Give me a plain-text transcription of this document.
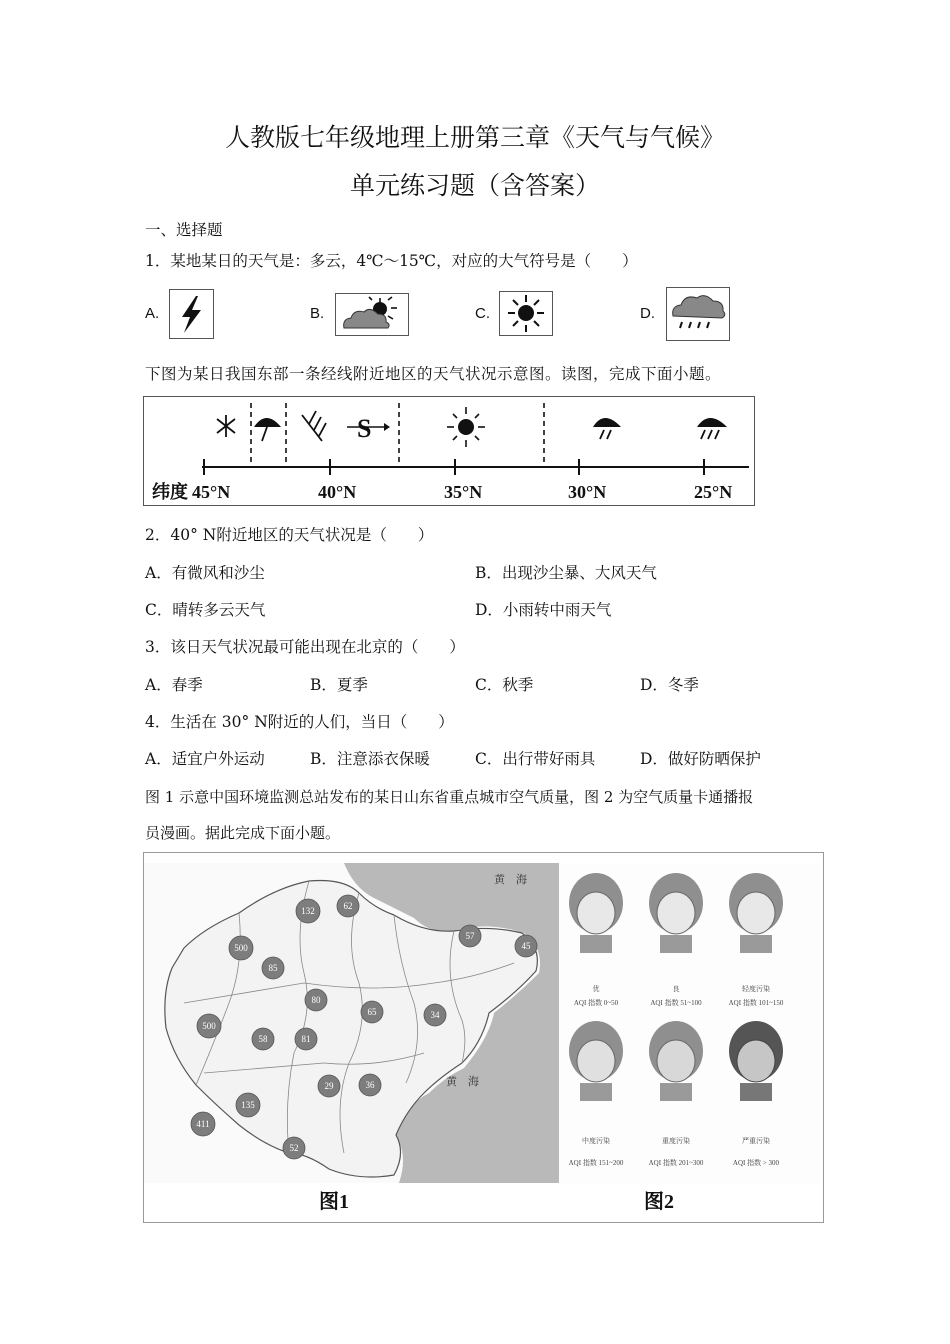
人教版七年级地理上册第三章《天气与气候》
单元练习题（含答案）
一、选择题
1．某地某日的天气是：多云，4℃～15℃，对应的大气符号是（　　）
A.	B.	C.	D.
下图为某日我国东部一条经线附近地区的天气状况示意图。读图，完成下面小题。
S
纬度 45°N	40°N	35°N	30°N	25°N
2．40° N附近地区的天气状况是（　　）
A．有微风和沙尘	B．出现沙尘暴、大风天气
C．晴转多云天气	D．小雨转中雨天气
3．该日天气状况最可能出现在北京的（　　）
A．春季	B．夏季	C．秋季	D．冬季
4．生活在 30° N附近的人们，当日（　　）
A．适宜户外运动	B．注意添衣保暖	C．出行带好雨具	D．做好防晒保护
图 1 示意中国环境监测总站发布的某日山东省重点城市空气质量，图 2 为空气质量卡通播报
员漫画。据此完成下面小题。
黄　海
黄　海
500
500
411
132	62
57
45
85
80
65
58	81
34
29	36
135
52
图1
优	良	轻度污染
AQI 指数 0~50	AQI 指数 51~100	AQI 指数 101~150
中度污染	重度污染	严重污染
AQI 指数 151~200	AQI 指数 201~300	AQI 指数 > 300
图2
